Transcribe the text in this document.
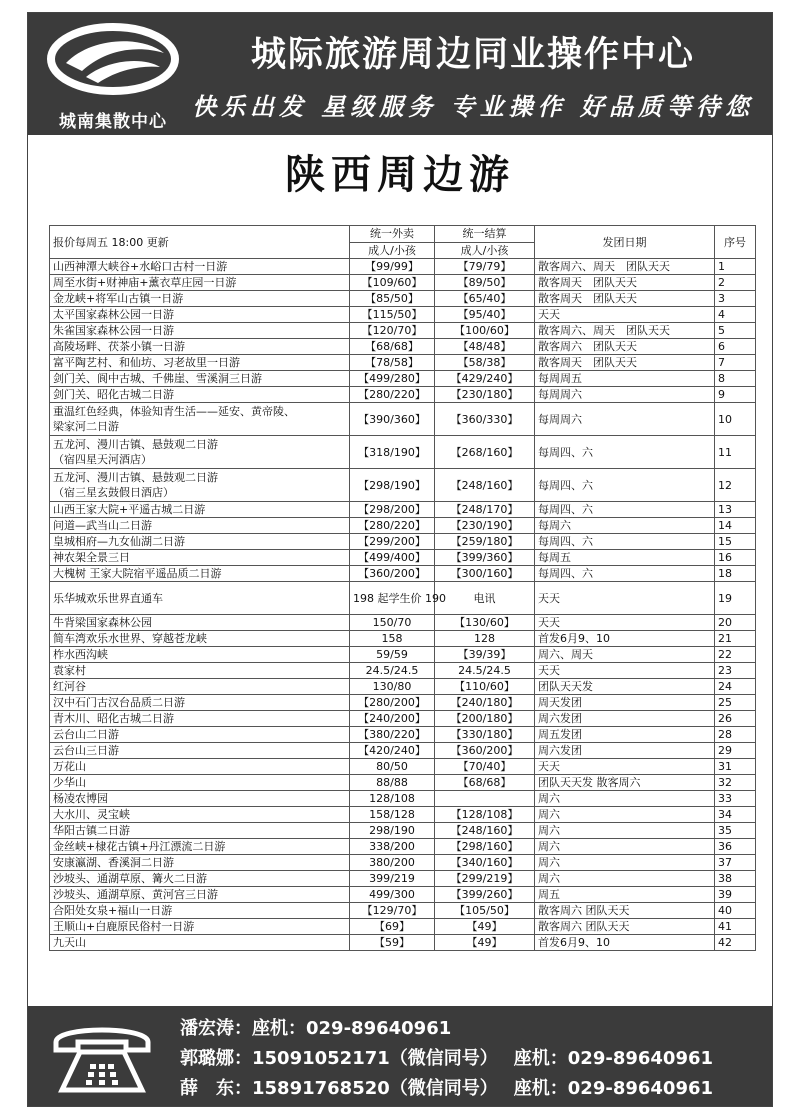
城南集散中心
城际旅游周边同业操作中心
快乐出发 星级服务 专业操作 好品质等待您
陕西周边游
报价每周五 18:00 更新	统一外卖	统一结算	发团日期	序号
	成人/小孩	成人/小孩		

山西神潭大峡谷+水峪口古村一日游	【99/99】	【79/79】	散客周六、周天　团队天天	1

周至水街+财神庙+薰衣草庄园一日游	【109/60】	【89/50】	散客周天　团队天天	2

金龙峡+将军山古镇一日游	【85/50】	【65/40】	散客周天　团队天天	3

太平国家森林公园一日游	【115/50】	【95/40】	天天	4

朱雀国家森林公园一日游	【120/70】	【100/60】	散客周六、周天　团队天天	5

高陵场畔、茯茶小镇一日游	【68/68】	【48/48】	散客周六　团队天天	6

富平陶艺村、和仙坊、习老故里一日游	【78/58】	【58/38】	散客周天　团队天天	7

剑门关、阆中古城、千佛崖、雪溪洞三日游	【499/280】	【429/240】	每周周五	8

剑门关、昭化古城二日游	【280/220】	【230/180】	每周周六	9

重温红色经典，体验知青生活——延安、黄帝陵、
梁家河二日游	【390/360】	【360/330】	每周周六	10

五龙河、漫川古镇、悬鼓观二日游
（宿四星天河酒店）	【318/190】	【268/160】	每周四、六	11

五龙河、漫川古镇、悬鼓观二日游
（宿三星玄鼓假日酒店）	【298/190】	【248/160】	每周四、六	12

山西王家大院+平遥古城二日游	【298/200】	【248/170】	每周四、六	13

问道—武当山二日游	【280/220】	【230/190】	每周六	14

皇城相府—九女仙湖二日游	【299/200】	【259/180】	每周四、六	15

神农架全景三日	【499/400】	【399/360】	每周五	16

大槐树 王家大院宿平遥品质二日游	【360/200】	【300/160】	每周四、六	18

乐华城欢乐世界直通车	198 起学生价 190	电讯	天天	19

牛背梁国家森林公园	150/70	【130/60】	天天	20

简车湾欢乐水世界、穿越苍龙峡	158	128	首发6月9、10	21

柞水西沟峡	59/59	【39/39】	周六、周天	22

袁家村	24.5/24.5	24.5/24.5	天天	23

红河谷	130/80	【110/60】	团队天天发	24

汉中石门古汉台品质二日游	【280/200】	【240/180】	周天发团	25

青木川、昭化古城二日游	【240/200】	【200/180】	周六发团	26

云台山二日游	【380/220】	【330/180】	周五发团	28

云台山三日游	【420/240】	【360/200】	周六发团	29

万花山	80/50	【70/40】	天天	31

少华山	88/88	【68/68】	团队天天发 散客周六	32

杨凌农博园	128/108		周六	33

大水川、灵宝峡	158/128	【128/108】	周六	34

华阳古镇二日游	298/190	【248/160】	周六	35

金丝峡+棣花古镇+丹江漂流二日游	338/200	【298/160】	周六	36

安康瀛湖、香溪洞二日游	380/200	【340/160】	周六	37

沙坡头、通湖草原、篝火二日游	399/219	【299/219】	周六	38

沙坡头、通湖草原、黄河宫三日游	499/300	【399/260】	周五	39

合阳处女泉+福山一日游	【129/70】	【105/50】	散客周六 团队天天	40

王顺山+白鹿原民俗村一日游	【69】	【49】	散客周六 团队天天	41

九天山	【59】	【49】	首发6月9、10	42
潘宏涛：座机：029-89640961
郭璐娜：15091052171（微信同号） 座机：029-89640961
薛　东：15891768520（微信同号） 座机：029-89640961
